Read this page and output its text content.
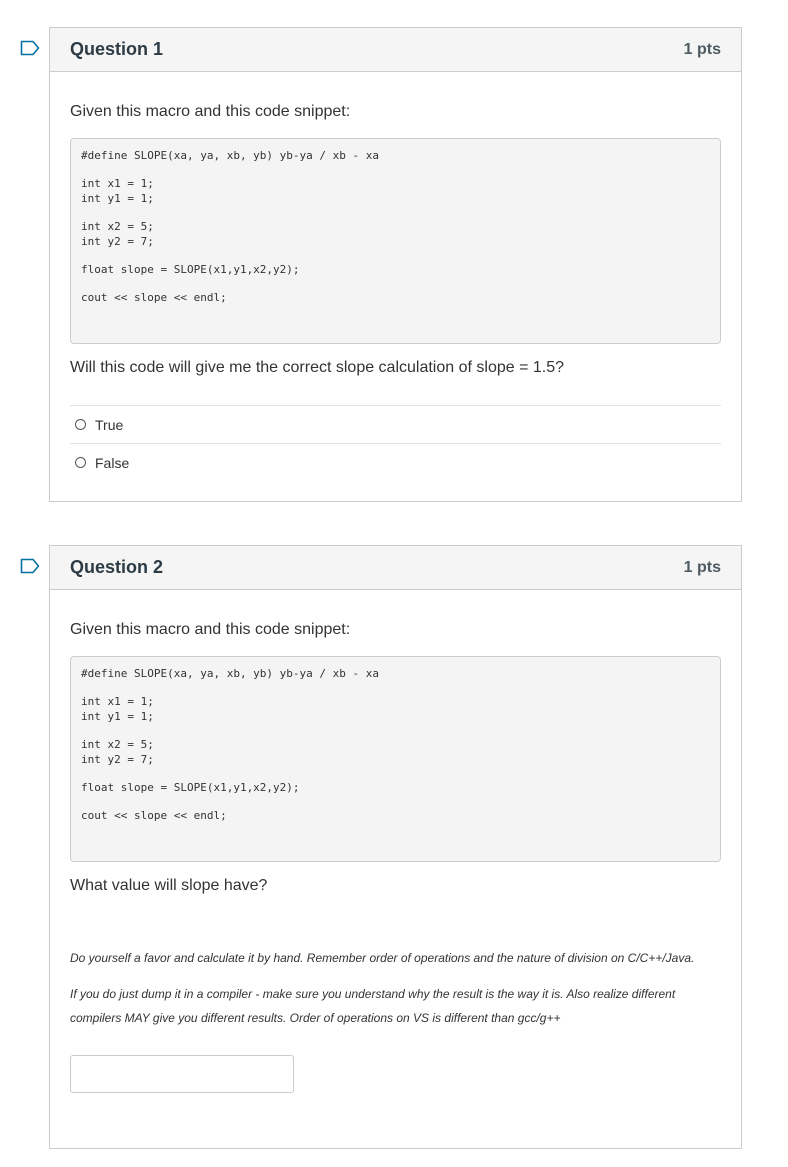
Question 1	1 pts

Given this macro and this code snippet:

#define SLOPE(xa, ya, xb, yb) yb-ya / xb - xa
int x1 = 1;
int y1 = 1;
int x2 = 5;
int y2 = 7;
float slope = SLOPE(x1,y1,x2,y2);
cout << slope << endl;
Will this code will give me the correct slope calculation of slope = 1.5?
True
False
Question 2	1 pts

Given this macro and this code snippet:

#define SLOPE(xa, ya, xb, yb) yb-ya / xb - xa
int x1 = 1;
int y1 = 1;
int x2 = 5;
int y2 = 7;
float slope = SLOPE(x1,y1,x2,y2);
cout << slope << endl;
What value will slope have?

Do yourself a favor and calculate it by hand. Remember order of operations and the nature of division on C/C++/Java.

If you do just dump it in a compiler - make sure you understand why the result is the way it is. Also realize different compilers MAY give you different results. Order of operations on VS is different than gcc/g++
